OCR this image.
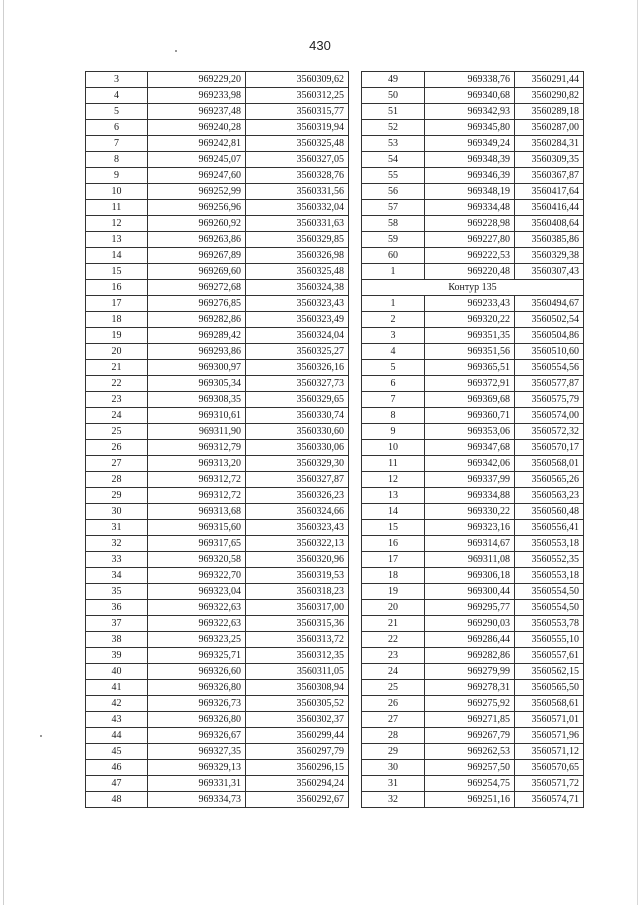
430
3	969229,20	3560309,62
4	969233,98	3560312,25
5	969237,48	3560315,77
6	969240,28	3560319,94
7	969242,81	3560325,48
8	969245,07	3560327,05
9	969247,60	3560328,76
10	969252,99	3560331,56
11	969256,96	3560332,04
12	969260,92	3560331,63
13	969263,86	3560329,85
14	969267,89	3560326,98
15	969269,60	3560325,48
16	969272,68	3560324,38
17	969276,85	3560323,43
18	969282,86	3560323,49
19	969289,42	3560324,04
20	969293,86	3560325,27
21	969300,97	3560326,16
22	969305,34	3560327,73
23	969308,35	3560329,65
24	969310,61	3560330,74
25	969311,90	3560330,60
26	969312,79	3560330,06
27	969313,20	3560329,30
28	969312,72	3560327,87
29	969312,72	3560326,23
30	969313,68	3560324,66
31	969315,60	3560323,43
32	969317,65	3560322,13
33	969320,58	3560320,96
34	969322,70	3560319,53
35	969323,04	3560318,23
36	969322,63	3560317,00
37	969322,63	3560315,36
38	969323,25	3560313,72
39	969325,71	3560312,35
40	969326,60	3560311,05
41	969326,80	3560308,94
42	969326,73	3560305,52
43	969326,80	3560302,37
44	969326,67	3560299,44
45	969327,35	3560297,79
46	969329,13	3560296,15
47	969331,31	3560294,24
48	969334,73	3560292,67
49	969338,76	3560291,44
50	969340,68	3560290,82
51	969342,93	3560289,18
52	969345,80	3560287,00
53	969349,24	3560284,31
54	969348,39	3560309,35
55	969346,39	3560367,87
56	969348,19	3560417,64
57	969334,48	3560416,44
58	969228,98	3560408,64
59	969227,80	3560385,86
60	969222,53	3560329,38
1	969220,48	3560307,43
Контур 135		
1	969233,43	3560494,67
2	969320,22	3560502,54
3	969351,35	3560504,86
4	969351,56	3560510,60
5	969365,51	3560554,56
6	969372,91	3560577,87
7	969369,68	3560575,79
8	969360,71	3560574,00
9	969353,06	3560572,32
10	969347,68	3560570,17
11	969342,06	3560568,01
12	969337,99	3560565,26
13	969334,88	3560563,23
14	969330,22	3560560,48
15	969323,16	3560556,41
16	969314,67	3560553,18
17	969311,08	3560552,35
18	969306,18	3560553,18
19	969300,44	3560554,50
20	969295,77	3560554,50
21	969290,03	3560553,78
22	969286,44	3560555,10
23	969282,86	3560557,61
24	969279,99	3560562,15
25	969278,31	3560565,50
26	969275,92	3560568,61
27	969271,85	3560571,01
28	969267,79	3560571,96
29	969262,53	3560571,12
30	969257,50	3560570,65
31	969254,75	3560571,72
32	969251,16	3560574,71
